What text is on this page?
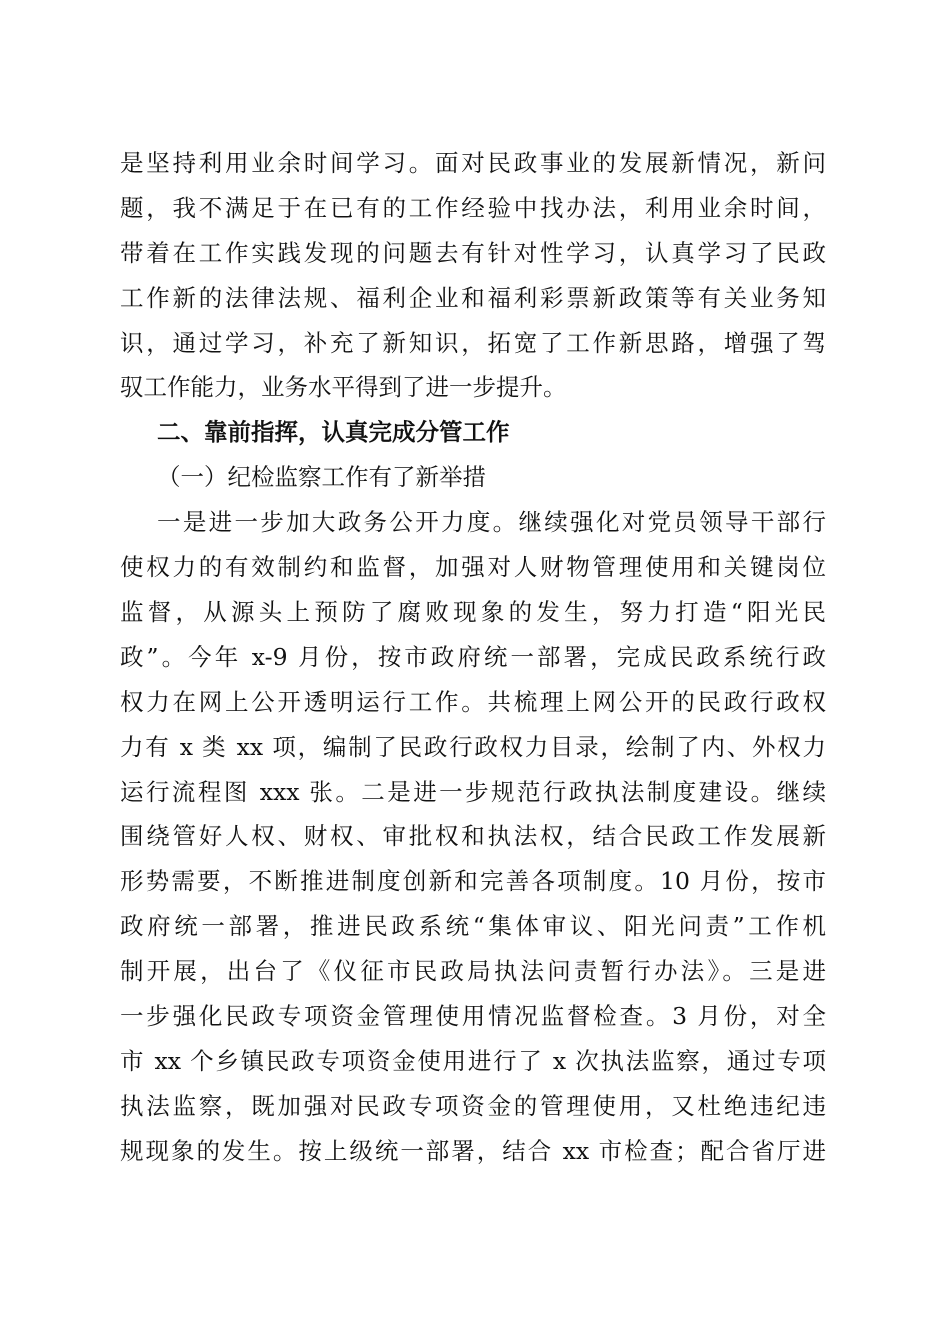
是坚持利用业余时间学习。面对民政事业的发展新情况，新问
题，我不满足于在已有的工作经验中找办法，利用业余时间，
带着在工作实践发现的问题去有针对性学习，认真学习了民政
工作新的法律法规、福利企业和福利彩票新政策等有关业务知
识，通过学习，补充了新知识，拓宽了工作新思路，增强了驾
驭工作能力，业务水平得到了进一步提升。
二、靠前指挥，认真完成分管工作
（一）纪检监察工作有了新举措
一是进一步加大政务公开力度。继续强化对党员领导干部行
使权力的有效制约和监督，加强对人财物管理使用和关键岗位
监督，从源头上预防了腐败现象的发生，努力打造“阳光民
政”。今年 x-9 月份，按市政府统一部署，完成民政系统行政
权力在网上公开透明运行工作。共梳理上网公开的民政行政权
力有 x 类 xx 项，编制了民政行政权力目录，绘制了内、外权力
运行流程图 xxx 张。二是进一步规范行政执法制度建设。继续
围绕管好人权、财权、审批权和执法权，结合民政工作发展新
形势需要，不断推进制度创新和完善各项制度。10 月份，按市
政府统一部署，推进民政系统“集体审议、阳光问责”工作机
制开展，出台了《仪征市民政局执法问责暂行办法》。三是进
一步强化民政专项资金管理使用情况监督检查。3 月份，对全
市 xx 个乡镇民政专项资金使用进行了 x 次执法监察，通过专项
执法监察，既加强对民政专项资金的管理使用，又杜绝违纪违
规现象的发生。按上级统一部署，结合 xx 市检查；配合省厅进
